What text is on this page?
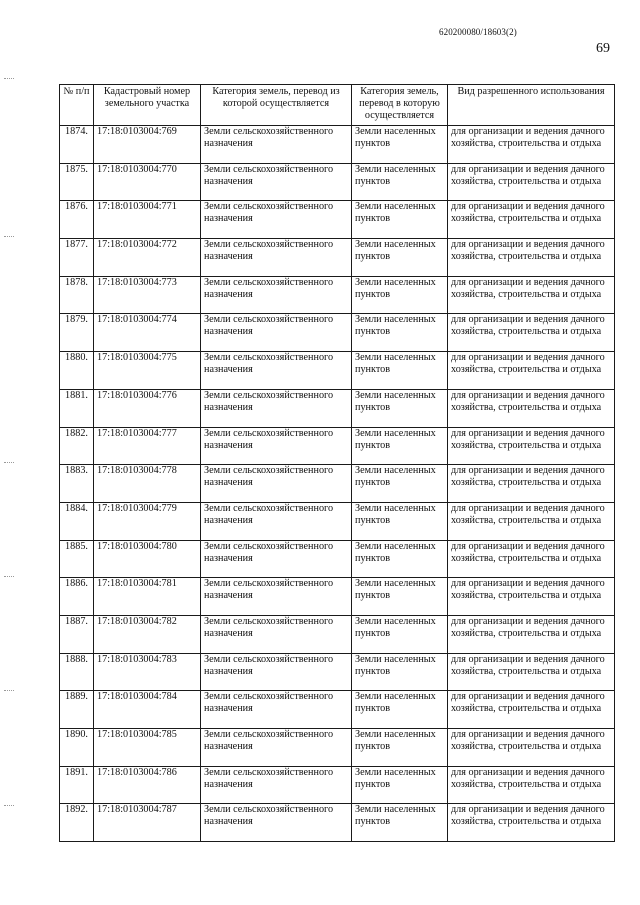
620200080/18603(2)
69
№ п/п	Кадастровый номер земельного участка	Категория земель, перевод из которой осуществляется	Категория земель, перевод в которую осуществляется	Вид разрешенного использования
1874.	17:18:0103004:769	Земли сельскохозяйственного назначения	Земли населенных пунктов	для организации и ведения дачного хозяйства, строительства и отдыха
1875.	17:18:0103004:770	Земли сельскохозяйственного назначения	Земли населенных пунктов	для организации и ведения дачного хозяйства, строительства и отдыха
1876.	17:18:0103004:771	Земли сельскохозяйственного назначения	Земли населенных пунктов	для организации и ведения дачного хозяйства, строительства и отдыха
1877.	17:18:0103004:772	Земли сельскохозяйственного назначения	Земли населенных пунктов	для организации и ведения дачного хозяйства, строительства и отдыха
1878.	17:18:0103004:773	Земли сельскохозяйственного назначения	Земли населенных пунктов	для организации и ведения дачного хозяйства, строительства и отдыха
1879.	17:18:0103004:774	Земли сельскохозяйственного назначения	Земли населенных пунктов	для организации и ведения дачного хозяйства, строительства и отдыха
1880.	17:18:0103004:775	Земли сельскохозяйственного назначения	Земли населенных пунктов	для организации и ведения дачного хозяйства, строительства и отдыха
1881.	17:18:0103004:776	Земли сельскохозяйственного назначения	Земли населенных пунктов	для организации и ведения дачного хозяйства, строительства и отдыха
1882.	17:18:0103004:777	Земли сельскохозяйственного назначения	Земли населенных пунктов	для организации и ведения дачного хозяйства, строительства и отдыха
1883.	17:18:0103004:778	Земли сельскохозяйственного назначения	Земли населенных пунктов	для организации и ведения дачного хозяйства, строительства и отдыха
1884.	17:18:0103004:779	Земли сельскохозяйственного назначения	Земли населенных пунктов	для организации и ведения дачного хозяйства, строительства и отдыха
1885.	17:18:0103004:780	Земли сельскохозяйственного назначения	Земли населенных пунктов	для организации и ведения дачного хозяйства, строительства и отдыха
1886.	17:18:0103004:781	Земли сельскохозяйственного назначения	Земли населенных пунктов	для организации и ведения дачного хозяйства, строительства и отдыха
1887.	17:18:0103004:782	Земли сельскохозяйственного назначения	Земли населенных пунктов	для организации и ведения дачного хозяйства, строительства и отдыха
1888.	17:18:0103004:783	Земли сельскохозяйственного назначения	Земли населенных пунктов	для организации и ведения дачного хозяйства, строительства и отдыха
1889.	17:18:0103004:784	Земли сельскохозяйственного назначения	Земли населенных пунктов	для организации и ведения дачного хозяйства, строительства и отдыха
1890.	17:18:0103004:785	Земли сельскохозяйственного назначения	Земли населенных пунктов	для организации и ведения дачного хозяйства, строительства и отдыха
1891.	17:18:0103004:786	Земли сельскохозяйственного назначения	Земли населенных пунктов	для организации и ведения дачного хозяйства, строительства и отдыха
1892.	17:18:0103004:787	Земли сельскохозяйственного назначения	Земли населенных пунктов	для организации и ведения дачного хозяйства, строительства и отдыха
